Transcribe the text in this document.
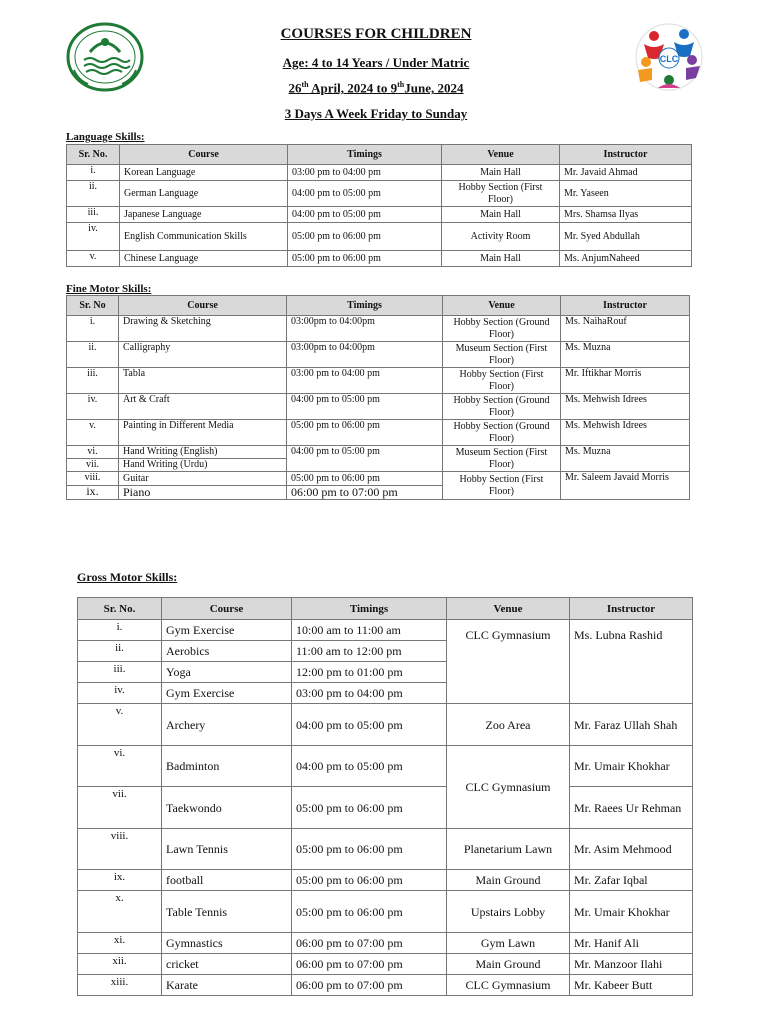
CLC
COURSES FOR CHILDREN
Age: 4 to 14 Years / Under Matric
26th April, 2024 to 9thJune, 2024
3 Days A Week Friday to Sunday
Language Skills:
Sr. No.	Course	Timings	Venue	Instructor
i.	Korean Language	03:00 pm to 04:00 pm	Main Hall	Mr. Javaid Ahmad
ii.	German Language	04:00 pm to 05:00 pm	Hobby Section (First Floor)	Mr. Yaseen
iii.	Japanese Language	04:00 pm to 05:00 pm	Main Hall	Mrs. Shamsa Ilyas
iv.	English Communication Skills	05:00 pm to 06:00 pm	Activity Room	Mr. Syed Abdullah
v.	Chinese Language	05:00 pm to 06:00 pm	Main Hall	Ms. AnjumNaheed
Fine Motor Skills:
Sr. No	Course	Timings	Venue	Instructor
i.	Drawing & Sketching	03:00pm to 04:00pm	Hobby Section (Ground Floor)	Ms. NaihaRouf
ii.	Calligraphy	03:00pm to 04:00pm	Museum Section (First Floor)	Ms. Muzna
iii.	Tabla	03:00 pm to 04:00 pm	Hobby Section (First Floor)	Mr. Iftikhar Morris
iv.	Art & Craft	04:00 pm to 05:00 pm	Hobby Section (Ground Floor)	Ms. Mehwish Idrees
v.	Painting in Different Media	05:00 pm to 06:00 pm	Hobby Section (Ground Floor)	Ms. Mehwish Idrees
vi.	Hand Writing (English)	04:00 pm to 05:00 pm	Museum Section (First Floor)	Ms. Muzna
vii.	Hand Writing (Urdu)			
viii.	Guitar	05:00 pm to 06:00 pm	Hobby Section (First Floor)	Mr. Saleem Javaid Morris
ix.	Piano	06:00 pm to 07:00 pm		
Gross Motor Skills:
Sr. No.	Course	Timings	Venue	Instructor
i.	Gym Exercise	10:00 am to 11:00 am	CLC Gymnasium	Ms. Lubna Rashid
ii.	Aerobics	11:00 am to 12:00 pm		
iii.	Yoga	12:00 pm to 01:00 pm		
iv.	Gym Exercise	03:00 pm to 04:00 pm		
v.	Archery	04:00 pm to 05:00 pm	Zoo Area	Mr. Faraz Ullah Shah
vi.	Badminton	04:00 pm to 05:00 pm	CLC Gymnasium	Mr. Umair Khokhar
vii.	Taekwondo	05:00 pm to 06:00 pm		Mr. Raees Ur Rehman
viii.	Lawn Tennis	05:00 pm to 06:00 pm	Planetarium Lawn	Mr. Asim Mehmood
ix.	football	05:00 pm to 06:00 pm	Main Ground	Mr. Zafar Iqbal
x.	Table Tennis	05:00 pm to 06:00 pm	Upstairs Lobby	Mr. Umair Khokhar
xi.	Gymnastics	06:00 pm to 07:00 pm	Gym Lawn	Mr. Hanif Ali
xii.	cricket	06:00 pm to 07:00 pm	Main Ground	Mr. Manzoor Ilahi
xiii.	Karate	06:00 pm to 07:00 pm	CLC Gymnasium	Mr. Kabeer Butt
